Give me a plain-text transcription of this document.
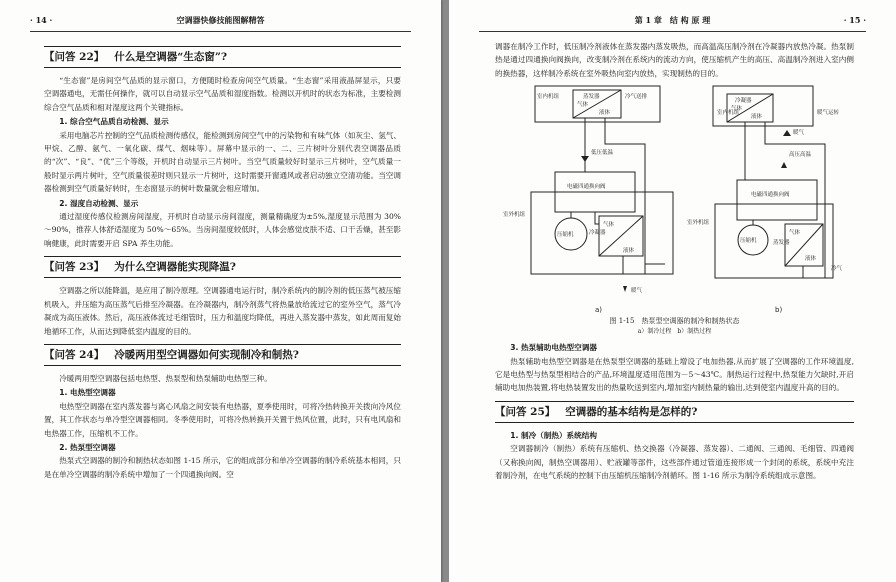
· 14 ·	空调器快修技能图解精答
【问答 22】 什么是空调器“生态窗”?

“生态窗”是房间空气品质的显示窗口，方便随时检查房间空气质量。“生态窗”采用液晶屏显示，只要空调器通电，无需任何操作，就可以自动显示空气品质和湿度指数。检测以开机时的状态为标准，主要检测综合空气品质和相对湿度这两个关键指标。

1. 综合空气品质自动检测、显示

采用电脑芯片控制的空气品质检测传感仪，能检测到房间空气中的污染物和有味气体（如灰尘、氢气、甲烷、乙醇、氨气、一氧化碳、煤气、烟味等）。屏幕中显示的一、二、三片树叶分别代表空调器品质的“次”、“良”、“优”三个等级，开机时自动显示三片树叶。当空气质量较好时显示三片树叶，空气质量一般时显示两片树叶，空气质量很差时则只显示一片树叶，这时需要开窗通风或者启动独立空清功能。当空调器检测到空气质量好转时，生态窗显示的树叶数量就会相应增加。

2. 湿度自动检测、显示

通过湿度传感仪检测房间湿度，开机时自动显示房间湿度，测量精确度为±5%,湿度显示范围为 30%～90%，推荐人体舒适湿度为 50%～65%。当房间湿度较低时，人体会感觉皮肤不适、口干舌燥，甚至影响健康，此时需要开启 SPA 养生功能。

【问答 23】 为什么空调器能实现降温?

空调器之所以能降温，是应用了制冷原理。空调器通电运行时，制冷系统内的制冷剂的低压蒸气被压缩机吸入，并压缩为高压蒸气后排至冷凝器。在冷凝器内，制冷剂蒸气将热量放给流过它的室外空气，蒸气冷凝成为高压液体。然后，高压液体流过毛细管时，压力和温度均降低，再进入蒸发器中蒸发，如此周而复始地循环工作，从而达到降低室内温度的目的。

【问答 24】 冷暖两用型空调器如何实现制冷和制热?

冷暖两用型空调器包括电热型、热泵型和热泵辅助电热型三种。

1. 电热型空调器

电热型空调器在室内蒸发器与离心风扇之间安装有电热器，夏季使用时，可将冷热转换开关拨向冷风位置，其工作状态与单冷型空调器相同。冬季使用时，可将冷热转换开关置于热风位置，此时，只有电风扇和电热器工作，压缩机不工作。

2. 热泵型空调器

热泵式空调器的制冷和制热状态如图 1-15 所示，它的组成部分和单冷空调器的制冷系统基本相同，只是在单冷空调器的制冷系统中增加了一个四通换向阀。空

第 1 章　结 构 原 理	· 15 ·

调器在制冷工作时，低压制冷剂液体在蒸发器内蒸发吸热，而高温高压制冷剂在冷凝器内放热冷凝。热泵制热是通过四通换向阀换向，改变制冷剂在系统内的流动方向，使压缩机产生的高压、高温制冷剂进入室内侧的换热器，这样制冷系统在室外吸热向室内放热，实现制热的目的。

室内机组	蒸发器
气体
液体
冷气送排
低压低温
电磁四通换向阀
室外机组
压缩机	冷凝器
气体
液体
暖气
暖气
室内机组
冷凝器
气体
液体
暖气运转
高压高温
电磁四通换向阀
室外机组
压缩机	蒸发器
气体
液体
冷气
a)	b)
图 1-15　热泵型空调器的制冷和制热状态
a）制冷过程　b）制热过程
3. 热泵辅助电热型空调器

热泵辅助电热型空调器是在热泵型空调器的基础上增设了电加热器,从而扩展了空调器的工作环境温度,它是电热型与热泵型相结合的产品,环境温度适用范围为－5～43℃。制热运行过程中,热泵能力欠缺时,开启辅助电加热装置,将电热装置发出的热量吹送到室内,增加室内制热量的输出,达到使室内温度升高的目的。

【问答 25】 空调器的基本结构是怎样的?
1. 制冷（制热）系统结构

空调器制冷（制热）系统有压缩机、热交换器（冷凝器、蒸发器）、二通阀、三通阀、毛细管、四通阀（又称换向阀，制热空调器用）、贮液罐等部件，这些部件通过管道连接形成一个封闭的系统，系统中充注着制冷剂，在电气系统的控制下由压缩机压缩制冷剂循环。图 1-16 所示为制冷系统组成示意图。
